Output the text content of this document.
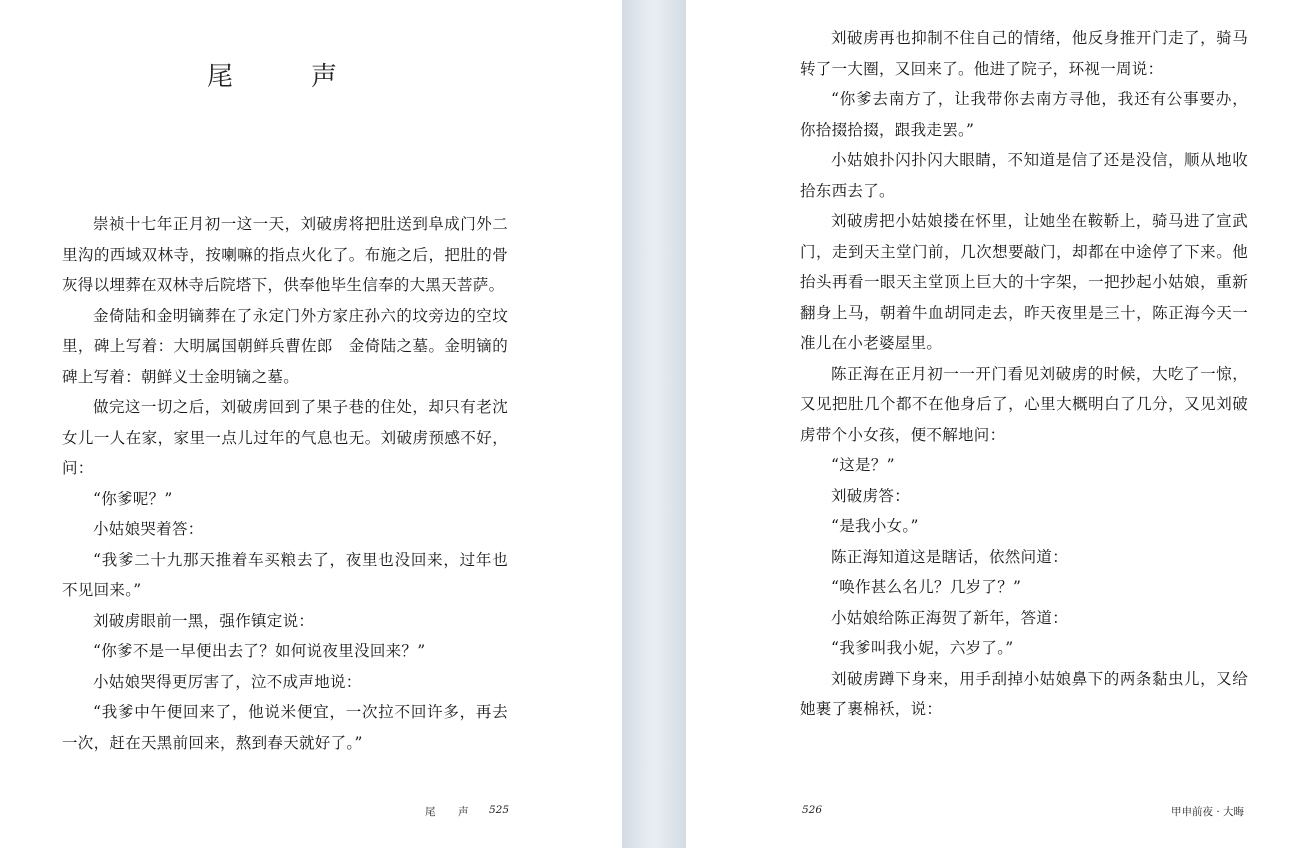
尾　声

崇祯十七年正月初一这一天，刘破虏将把肚送到阜成门外二里沟的西域双林寺，按喇嘛的指点火化了。布施之后，把肚的骨灰得以埋葬在双林寺后院塔下，供奉他毕生信奉的大黑天菩萨。

金倚陆和金明镝葬在了永定门外方家庄孙六的坟旁边的空坟里，碑上写着：大明属国朝鲜兵曹佐郎　金倚陆之墓。金明镝的碑上写着：朝鲜义士金明镝之墓。

做完这一切之后，刘破虏回到了果子巷的住处，却只有老沈女儿一人在家，家里一点儿过年的气息也无。刘破虏预感不好，问：

“你爹呢？”

小姑娘哭着答：

“我爹二十九那天推着车买粮去了，夜里也没回来，过年也不见回来。”

刘破虏眼前一黑，强作镇定说：

“你爹不是一早便出去了？如何说夜里没回来？”

小姑娘哭得更厉害了，泣不成声地说：

“我爹中午便回来了，他说米便宜，一次拉不回许多，再去一次，赶在天黑前回来，熬到春天就好了。”

尾　声 525

刘破虏再也抑制不住自己的情绪，他反身推开门走了，骑马转了一大圈，又回来了。他进了院子，环视一周说：

“你爹去南方了，让我带你去南方寻他，我还有公事要办，你拾掇拾掇，跟我走罢。”

小姑娘扑闪扑闪大眼睛，不知道是信了还是没信，顺从地收拾东西去了。

刘破虏把小姑娘搂在怀里，让她坐在鞍鞒上，骑马进了宣武门，走到天主堂门前，几次想要敲门，却都在中途停了下来。他抬头再看一眼天主堂顶上巨大的十字架，一把抄起小姑娘，重新翻身上马，朝着牛血胡同走去，昨天夜里是三十，陈正海今天一准儿在小老婆屋里。

陈正海在正月初一一开门看见刘破虏的时候，大吃了一惊，又见把肚几个都不在他身后了，心里大概明白了几分，又见刘破虏带个小女孩，便不解地问：

“这是？”

刘破虏答：

“是我小女。”

陈正海知道这是瞎话，依然问道：

“唤作甚么名儿？几岁了？”

小姑娘给陈正海贺了新年，答道：

“我爹叫我小妮，六岁了。”

刘破虏蹲下身来，用手刮掉小姑娘鼻下的两条黏虫儿，又给她裹了裹棉袄，说：

526	甲申前夜 · 大晦
